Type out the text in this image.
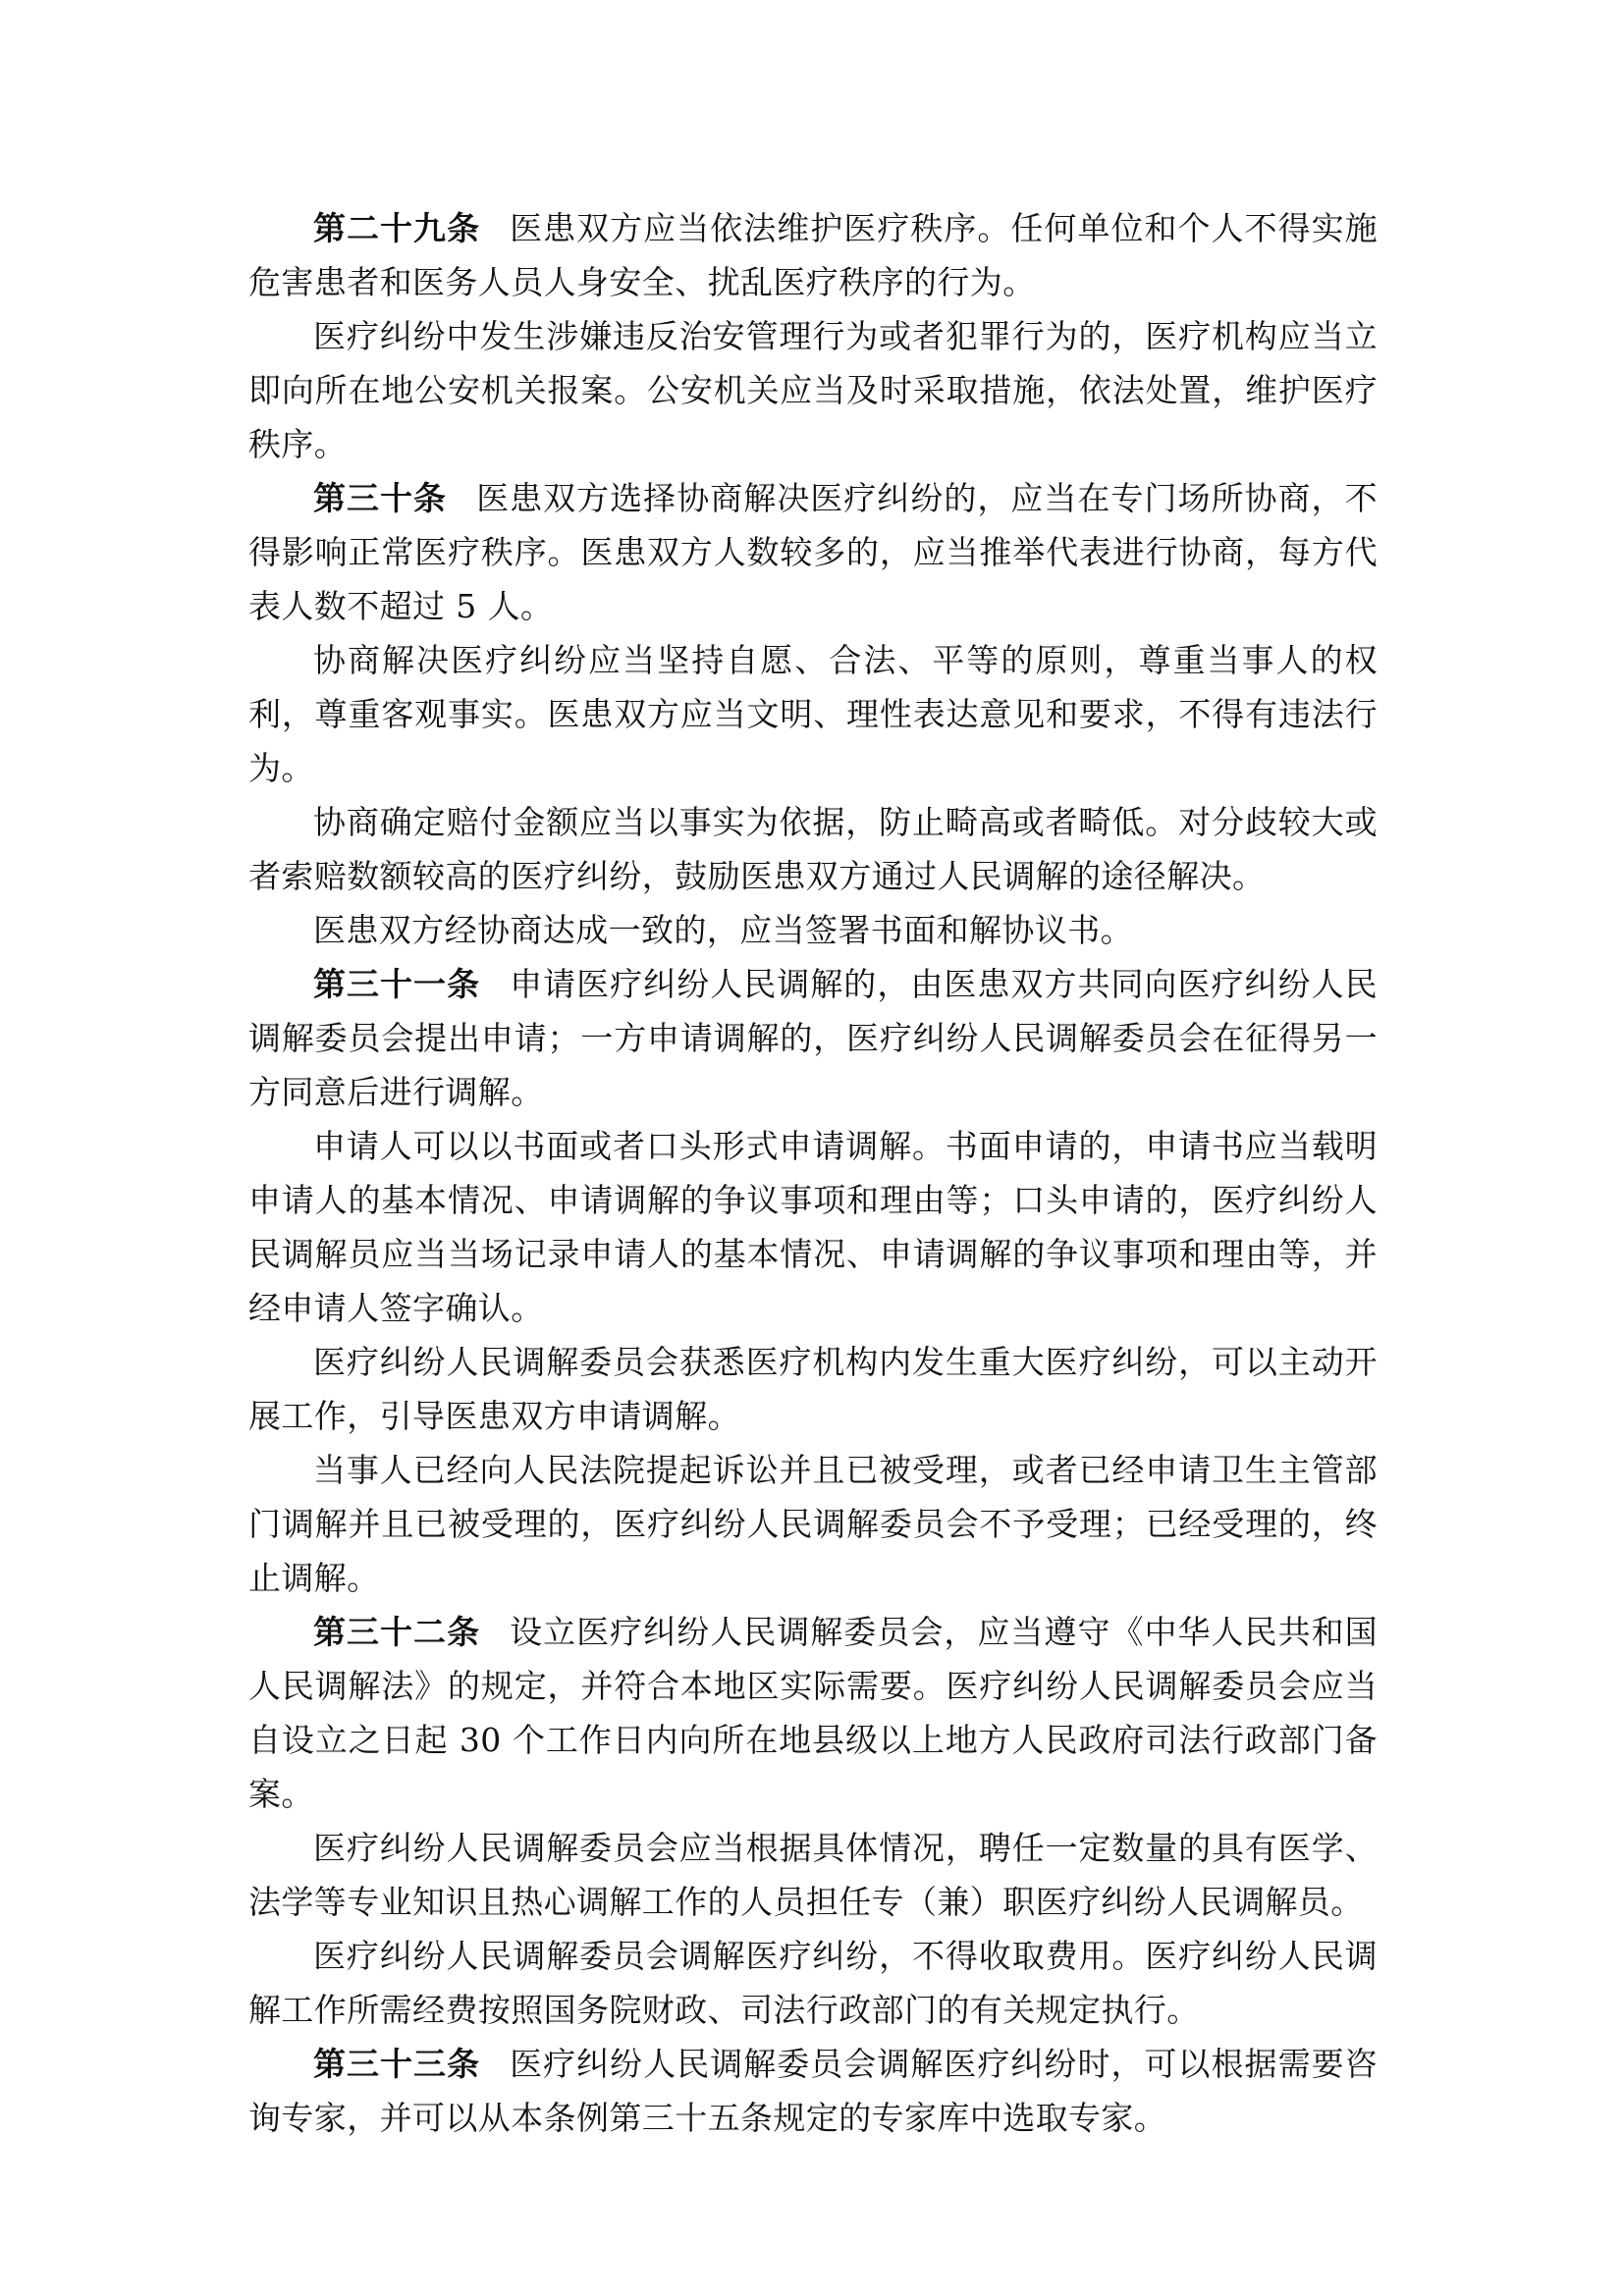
第二十九条 医患双方应当依法维护医疗秩序。任何单位和个人不得实施危害患者和医务人员人身安全、扰乱医疗秩序的行为。

医疗纠纷中发生涉嫌违反治安管理行为或者犯罪行为的，医疗机构应当立即向所在地公安机关报案。公安机关应当及时采取措施，依法处置，维护医疗秩序。

第三十条 医患双方选择协商解决医疗纠纷的，应当在专门场所协商，不得影响正常医疗秩序。医患双方人数较多的，应当推举代表进行协商，每方代表人数不超过 5 人。

协商解决医疗纠纷应当坚持自愿、合法、平等的原则，尊重当事人的权利，尊重客观事实。医患双方应当文明、理性表达意见和要求，不得有违法行为。

协商确定赔付金额应当以事实为依据，防止畸高或者畸低。对分歧较大或者索赔数额较高的医疗纠纷，鼓励医患双方通过人民调解的途径解决。

医患双方经协商达成一致的，应当签署书面和解协议书。

第三十一条 申请医疗纠纷人民调解的，由医患双方共同向医疗纠纷人民调解委员会提出申请；一方申请调解的，医疗纠纷人民调解委员会在征得另一方同意后进行调解。

申请人可以以书面或者口头形式申请调解。书面申请的，申请书应当载明申请人的基本情况、申请调解的争议事项和理由等；口头申请的，医疗纠纷人民调解员应当当场记录申请人的基本情况、申请调解的争议事项和理由等，并经申请人签字确认。

医疗纠纷人民调解委员会获悉医疗机构内发生重大医疗纠纷，可以主动开展工作，引导医患双方申请调解。

当事人已经向人民法院提起诉讼并且已被受理，或者已经申请卫生主管部门调解并且已被受理的，医疗纠纷人民调解委员会不予受理；已经受理的，终止调解。

第三十二条 设立医疗纠纷人民调解委员会，应当遵守《中华人民共和国人民调解法》的规定，并符合本地区实际需要。医疗纠纷人民调解委员会应当自设立之日起 30 个工作日内向所在地县级以上地方人民政府司法行政部门备案。

医疗纠纷人民调解委员会应当根据具体情况，聘任一定数量的具有医学、法学等专业知识且热心调解工作的人员担任专（兼）职医疗纠纷人民调解员。

医疗纠纷人民调解委员会调解医疗纠纷，不得收取费用。医疗纠纷人民调解工作所需经费按照国务院财政、司法行政部门的有关规定执行。

第三十三条 医疗纠纷人民调解委员会调解医疗纠纷时，可以根据需要咨询专家，并可以从本条例第三十五条规定的专家库中选取专家。
